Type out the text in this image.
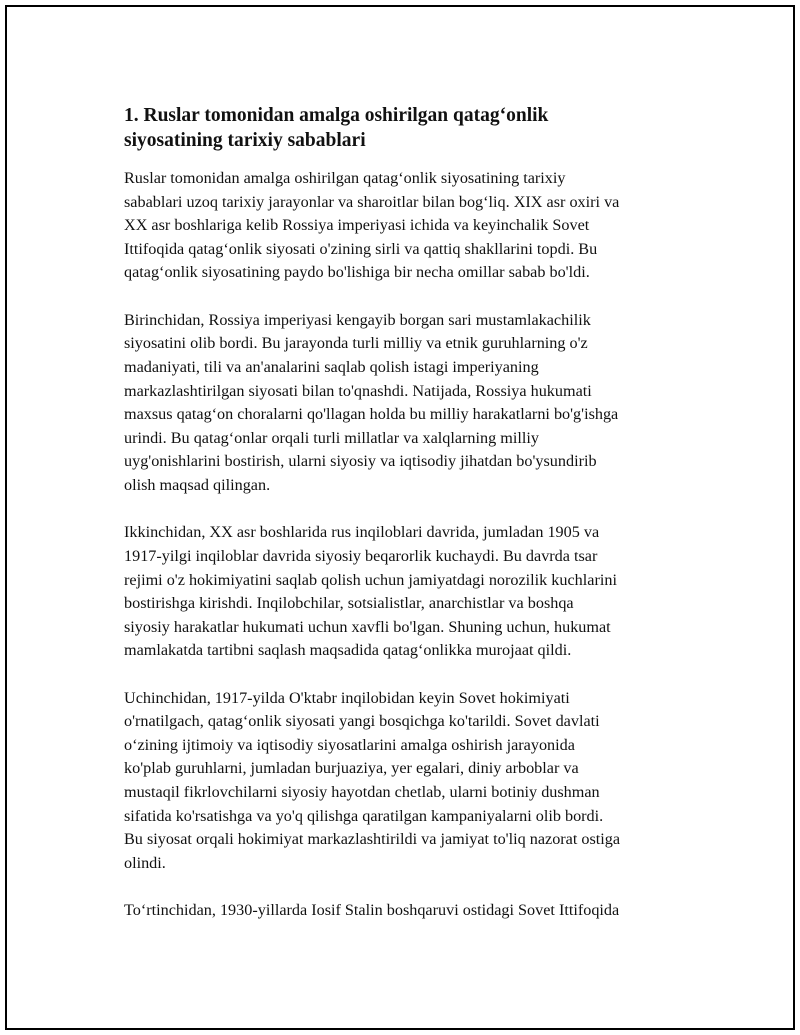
1. Ruslar tomonidan amalga oshirilgan qatag‘onlik
siyosatining tarixiy sabablari

Ruslar tomonidan amalga oshirilgan qatag‘onlik siyosatining tarixiy
sabablari uzoq tarixiy jarayonlar va sharoitlar bilan bog‘liq. XIX asr oxiri va
XX asr boshlariga kelib Rossiya imperiyasi ichida va keyinchalik Sovet
Ittifoqida qatag‘onlik siyosati o'zining sirli va qattiq shakllarini topdi. Bu
qatag‘onlik siyosatining paydo bo'lishiga bir necha omillar sabab bo'ldi.

Birinchidan, Rossiya imperiyasi kengayib borgan sari mustamlakachilik
siyosatini olib bordi. Bu jarayonda turli milliy va etnik guruhlarning o'z
madaniyati, tili va an'analarini saqlab qolish istagi imperiyaning
markazlashtirilgan siyosati bilan to'qnashdi. Natijada, Rossiya hukumati
maxsus qatag‘on choralarni qo'llagan holda bu milliy harakatlarni bo'g'ishga
urindi. Bu qatag‘onlar orqali turli millatlar va xalqlarning milliy
uyg'onishlarini bostirish, ularni siyosiy va iqtisodiy jihatdan bo'ysundirib
olish maqsad qilingan.

Ikkinchidan, XX asr boshlarida rus inqiloblari davrida, jumladan 1905 va
1917-yilgi inqiloblar davrida siyosiy beqarorlik kuchaydi. Bu davrda tsar
rejimi o'z hokimiyatini saqlab qolish uchun jamiyatdagi norozilik kuchlarini
bostirishga kirishdi. Inqilobchilar, sotsialistlar, anarchistlar va boshqa
siyosiy harakatlar hukumati uchun xavfli bo'lgan. Shuning uchun, hukumat
mamlakatda tartibni saqlash maqsadida qatag‘onlikka murojaat qildi.

Uchinchidan, 1917-yilda O'ktabr inqilobidan keyin Sovet hokimiyati
o'rnatilgach, qatag‘onlik siyosati yangi bosqichga ko'tarildi. Sovet davlati
o‘zining ijtimoiy va iqtisodiy siyosatlarini amalga oshirish jarayonida
ko'plab guruhlarni, jumladan burjuaziya, yer egalari, diniy arboblar va
mustaqil fikrlovchilarni siyosiy hayotdan chetlab, ularni botiniy dushman
sifatida ko'rsatishga va yo'q qilishga qaratilgan kampaniyalarni olib bordi.
Bu siyosat orqali hokimiyat markazlashtirildi va jamiyat to'liq nazorat ostiga
olindi.

To‘rtinchidan, 1930-yillarda Iosif Stalin boshqaruvi ostidagi Sovet Ittifoqida
